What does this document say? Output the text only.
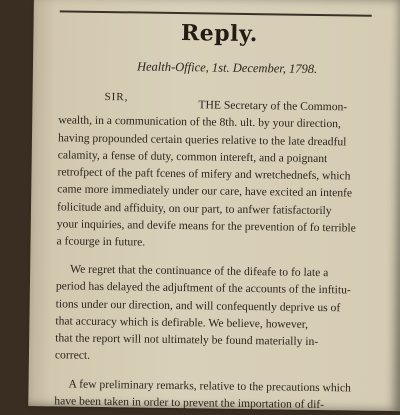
Reply.
Health-Office, 1st. December, 1798.
SIR,
THE Secretary of the Common-
wealth, in a communication of the 8th. ult. by your direction,
having propounded certain queries relative to the late dreadful
calamity, a fense of duty, common intereft, and a poignant
retrofpect of the paft fcenes of mifery and wretchednefs, which
came more immediately under our care, have excited an intenfe
folicitude and affiduity, on our part, to anfwer fatisfactorily
your inquiries, and devife means for the prevention of fo terrible
a fcourge in future.
We regret that the continuance of the difeafe to fo late a
period has delayed the adjuftment of the accounts of the inftitu-
tions under our direction, and will confequently deprive us of
that accuracy which is defirable. We believe, however,
that the report will not ultimately be found materially in-
correct.
A few preliminary remarks, relative to the precautions which
have been taken in order to prevent the importation of dif-
